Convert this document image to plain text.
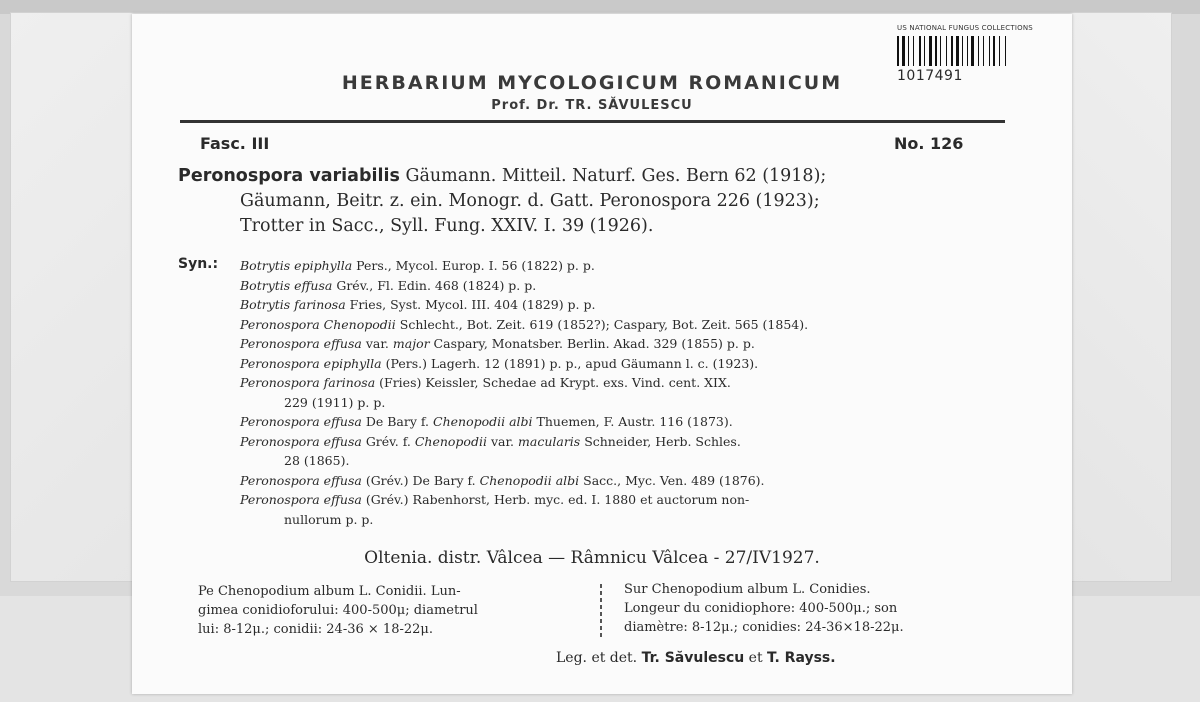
US NATIONAL FUNGUS COLLECTIONS
1017491
HERBARIUM MYCOLOGICUM ROMANICUM
Prof. Dr. TR. SĂVULESCU
Fasc. III	No. 126
Peronospora variabilis Gäumann. Mitteil. Naturf. Ges. Bern 62 (1918);
Gäumann, Beitr. z. ein. Monogr. d. Gatt. Peronospora 226 (1923);
Trotter in Sacc., Syll. Fung. XXIV. I. 39 (1926).
Syn.: Botrytis epiphylla Pers., Mycol. Europ. I. 56 (1822) p. p.
Botrytis effusa Grév., Fl. Edin. 468 (1824) p. p.
Botrytis farinosa Fries, Syst. Mycol. III. 404 (1829) p. p.
Peronospora Chenopodii Schlecht., Bot. Zeit. 619 (1852?); Caspary, Bot. Zeit. 565 (1854).
Peronospora effusa var. major Caspary, Monatsber. Berlin. Akad. 329 (1855) p. p.
Peronospora epiphylla (Pers.) Lagerh. 12 (1891) p. p., apud Gäumann l. c. (1923).
Peronospora farinosa (Fries) Keissler, Schedae ad Krypt. exs. Vind. cent. XIX.
229 (1911) p. p.
Peronospora effusa De Bary f. Chenopodii albi Thuemen, F. Austr. 116 (1873).
Peronospora effusa Grév. f. Chenopodii var. macularis Schneider, Herb. Schles.
28 (1865).
Peronospora effusa (Grév.) De Bary f. Chenopodii albi Sacc., Myc. Ven. 489 (1876).
Peronospora effusa (Grév.) Rabenhorst, Herb. myc. ed. I. 1880 et auctorum non-
nullorum p. p.
Oltenia. distr. Vâlcea — Râmnicu Vâlcea - 27/IV1927.
Pe Chenopodium album L. Conidii. Lun-
gimea conidioforului: 400-500μ; diametrul
lui: 8-12μ.; conidii: 24-36 × 18-22μ.
Sur Chenopodium album L. Conidies.
Longeur du conidiophore: 400-500μ.; son
diamètre: 8-12μ.; conidies: 24-36×18-22μ.
Leg. et det. Tr. Săvulescu et T. Rayss.
